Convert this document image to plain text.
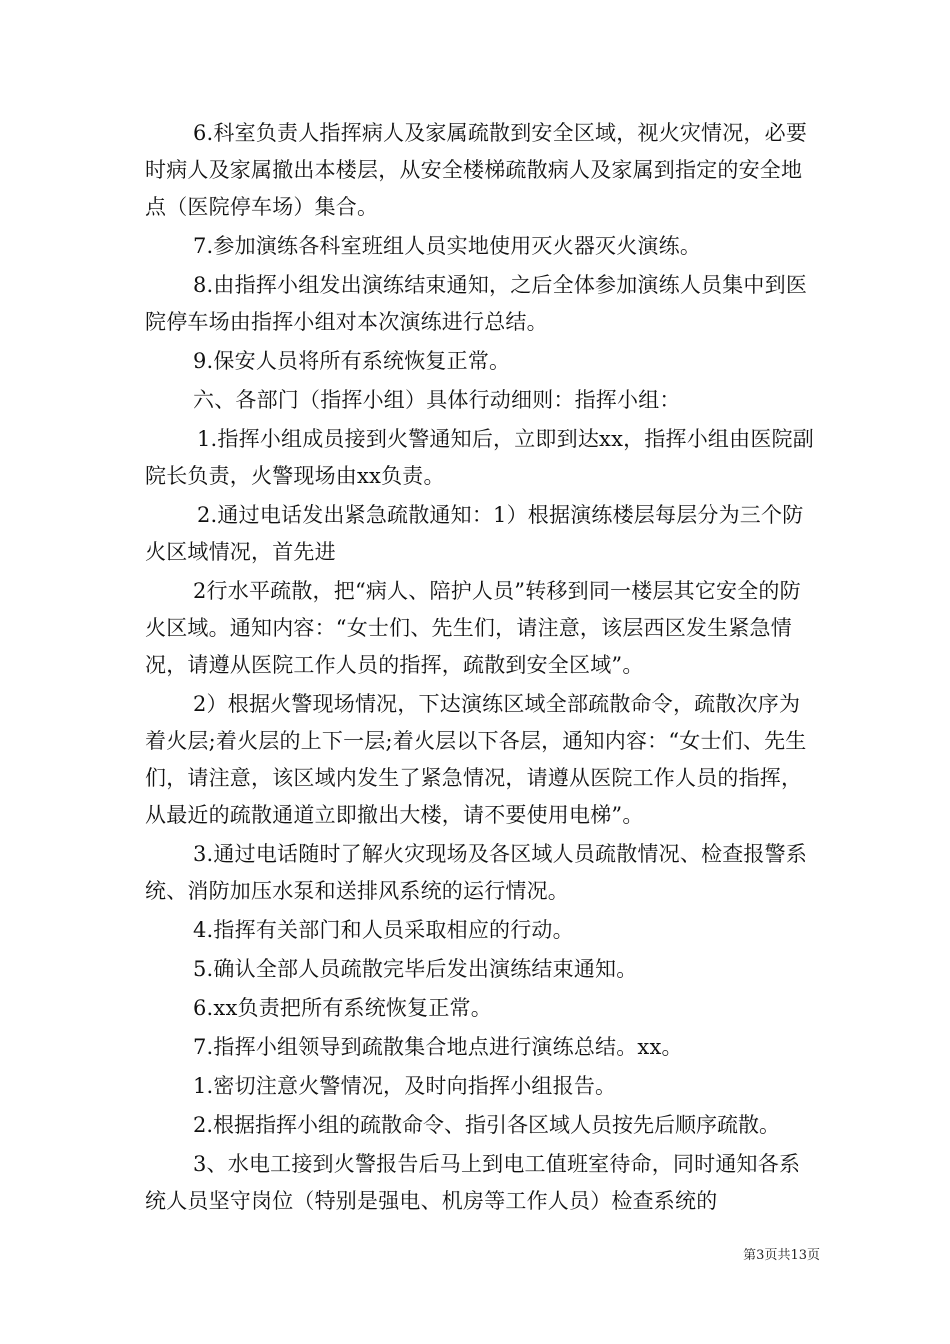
6.科室负责人指挥病人及家属疏散到安全区域，视火灾情况，必要时病人及家属撤出本楼层，从安全楼梯疏散病人及家属到指定的安全地点（医院停车场）集合。

7.参加演练各科室班组人员实地使用灭火器灭火演练。

8.由指挥小组发出演练结束通知，之后全体参加演练人员集中到医院停车场由指挥小组对本次演练进行总结。

9.保安人员将所有系统恢复正常。

六、各部门（指挥小组）具体行动细则：指挥小组：

1.指挥小组成员接到火警通知后，立即到达xx，指挥小组由医院副院长负责，火警现场由xx负责。

2.通过电话发出紧急疏散通知：1）根据演练楼层每层分为三个防火区域情况，首先进

2行水平疏散，把“病人、陪护人员”转移到同一楼层其它安全的防火区域。通知内容：“女士们、先生们，请注意，该层西区发生紧急情况，请遵从医院工作人员的指挥，疏散到安全区域”。

2）根据火警现场情况，下达演练区域全部疏散命令，疏散次序为着火层;着火层的上下一层;着火层以下各层，通知内容：“女士们、先生们，请注意，该区域内发生了紧急情况，请遵从医院工作人员的指挥，从最近的疏散通道立即撤出大楼，请不要使用电梯”。

3.通过电话随时了解火灾现场及各区域人员疏散情况、检查报警系统、消防加压水泵和送排风系统的运行情况。

4.指挥有关部门和人员采取相应的行动。

5.确认全部人员疏散完毕后发出演练结束通知。

6.xx负责把所有系统恢复正常。

7.指挥小组领导到疏散集合地点进行演练总结。xx。

1.密切注意火警情况，及时向指挥小组报告。

2.根据指挥小组的疏散命令、指引各区域人员按先后顺序疏散。

3、水电工接到火警报告后马上到电工值班室待命，同时通知各系统人员坚守岗位（特别是强电、机房等工作人员）检查系统的

第3页共13页
